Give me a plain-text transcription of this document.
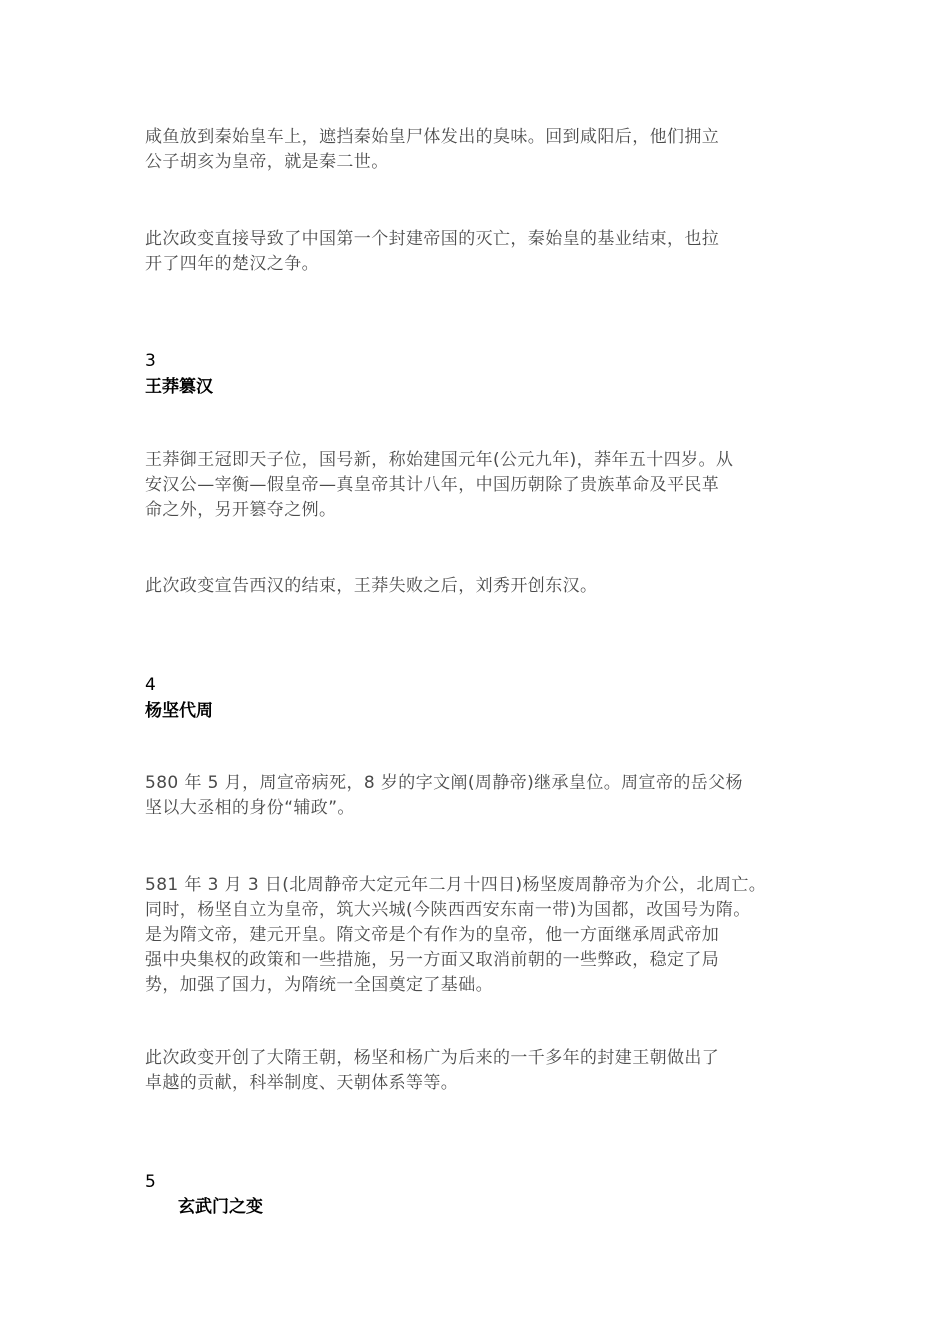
咸鱼放到秦始皇车上，遮挡秦始皇尸体发出的臭味。回到咸阳后，他们拥立
公子胡亥为皇帝，就是秦二世。

此次政变直接导致了中国第一个封建帝国的灭亡，秦始皇的基业结束，也拉
开了四年的楚汉之争。

3
王莽篡汉

王莽御王冠即天子位，国号新，称始建国元年(公元九年)，莽年五十四岁。从
安汉公—宰衡—假皇帝—真皇帝其计八年，中国历朝除了贵族革命及平民革
命之外，另开篡夺之例。

此次政变宣告西汉的结束，王莽失败之后，刘秀开创东汉。

4
杨坚代周

580 年 5 月，周宣帝病死，8 岁的字文阐(周静帝)继承皇位。周宣帝的岳父杨
坚以大丞相的身份“辅政”。

581 年 3 月 3 日(北周静帝大定元年二月十四日)杨坚废周静帝为介公，北周亡。
同时，杨坚自立为皇帝，筑大兴城(今陕西西安东南一带)为国都，改国号为隋。
是为隋文帝，建元开皇。隋文帝是个有作为的皇帝，他一方面继承周武帝加
强中央集权的政策和一些措施，另一方面又取消前朝的一些弊政，稳定了局
势，加强了国力，为隋统一全国奠定了基础。

此次政变开创了大隋王朝，杨坚和杨广为后来的一千多年的封建王朝做出了
卓越的贡献，科举制度、天朝体系等等。

5
玄武门之变
